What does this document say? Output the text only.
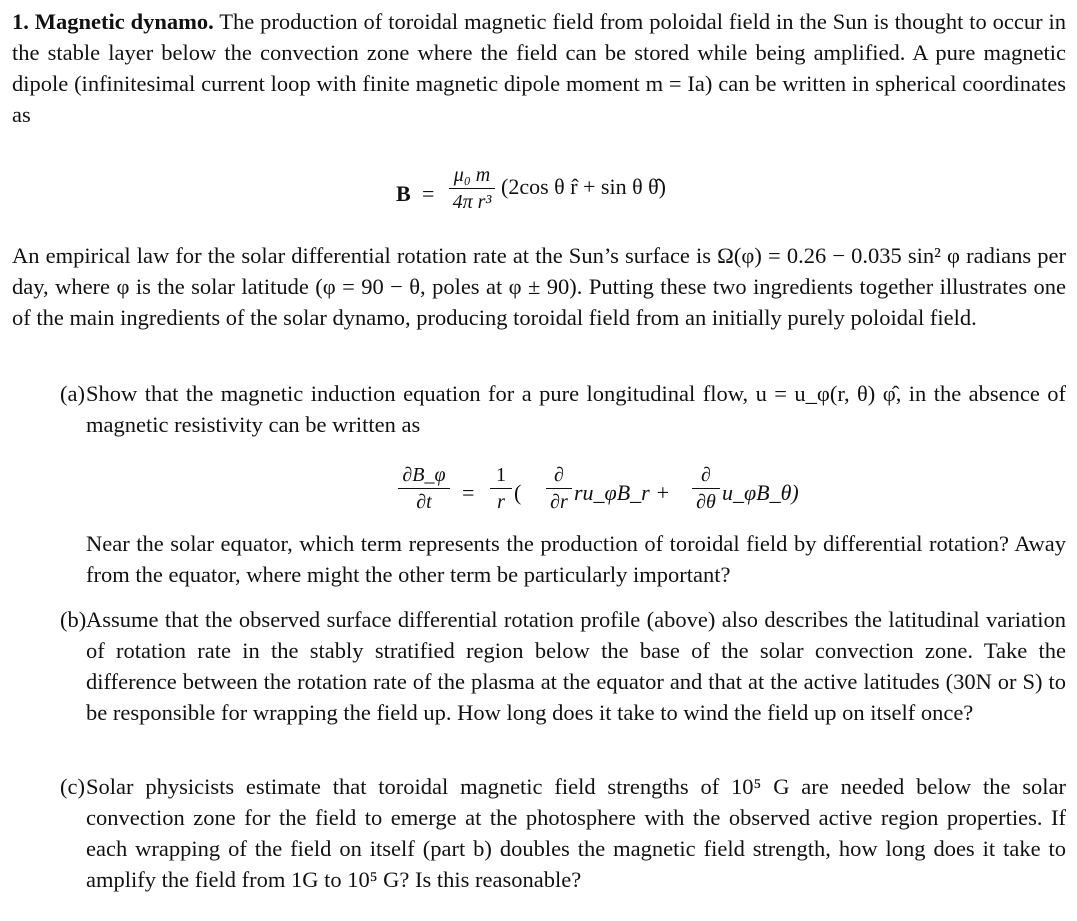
1. Magnetic dynamo. The production of toroidal magnetic field from poloidal field in the Sun is thought to occur in the stable layer below the convection zone where the field can be stored while being amplified. A pure magnetic dipole (infinitesimal current loop with finite magnetic dipole moment m = Ia) can be written in spherical coordinates as

B =
μ₀ m
4π r³
(2cos θ r̂ + sin θ θ̂)

An empirical law for the solar differential rotation rate at the Sun’s surface is Ω(φ) = 0.26 − 0.035 sin² φ radians per day, where φ is the solar latitude (φ = 90 − θ, poles at φ ± 90). Putting these two ingredients together illustrates one of the main ingredients of the solar dynamo, producing toroidal field from an initially purely poloidal field.

(a) Show that the magnetic induction equation for a pure longitudinal flow, u = u_φ(r, θ) φ̂, in the absence of magnetic resistivity can be written as

∂B_φ
∂t	=
1
r (
∂
∂r ru_φB_r +
∂
∂θ u_φB_θ)

Near the solar equator, which term represents the production of toroidal field by differential rotation? Away from the equator, where might the other term be particularly important?

(b) Assume that the observed surface differential rotation profile (above) also describes the latitudinal variation of rotation rate in the stably stratified region below the base of the solar convection zone. Take the difference between the rotation rate of the plasma at the equator and that at the active latitudes (30N or S) to be responsible for wrapping the field up. How long does it take to wind the field up on itself once?

(c) Solar physicists estimate that toroidal magnetic field strengths of 10⁵ G are needed below the solar convection zone for the field to emerge at the photosphere with the observed active region properties. If each wrapping of the field on itself (part b) doubles the magnetic field strength, how long does it take to amplify the field from 1G to 10⁵ G? Is this reasonable?
